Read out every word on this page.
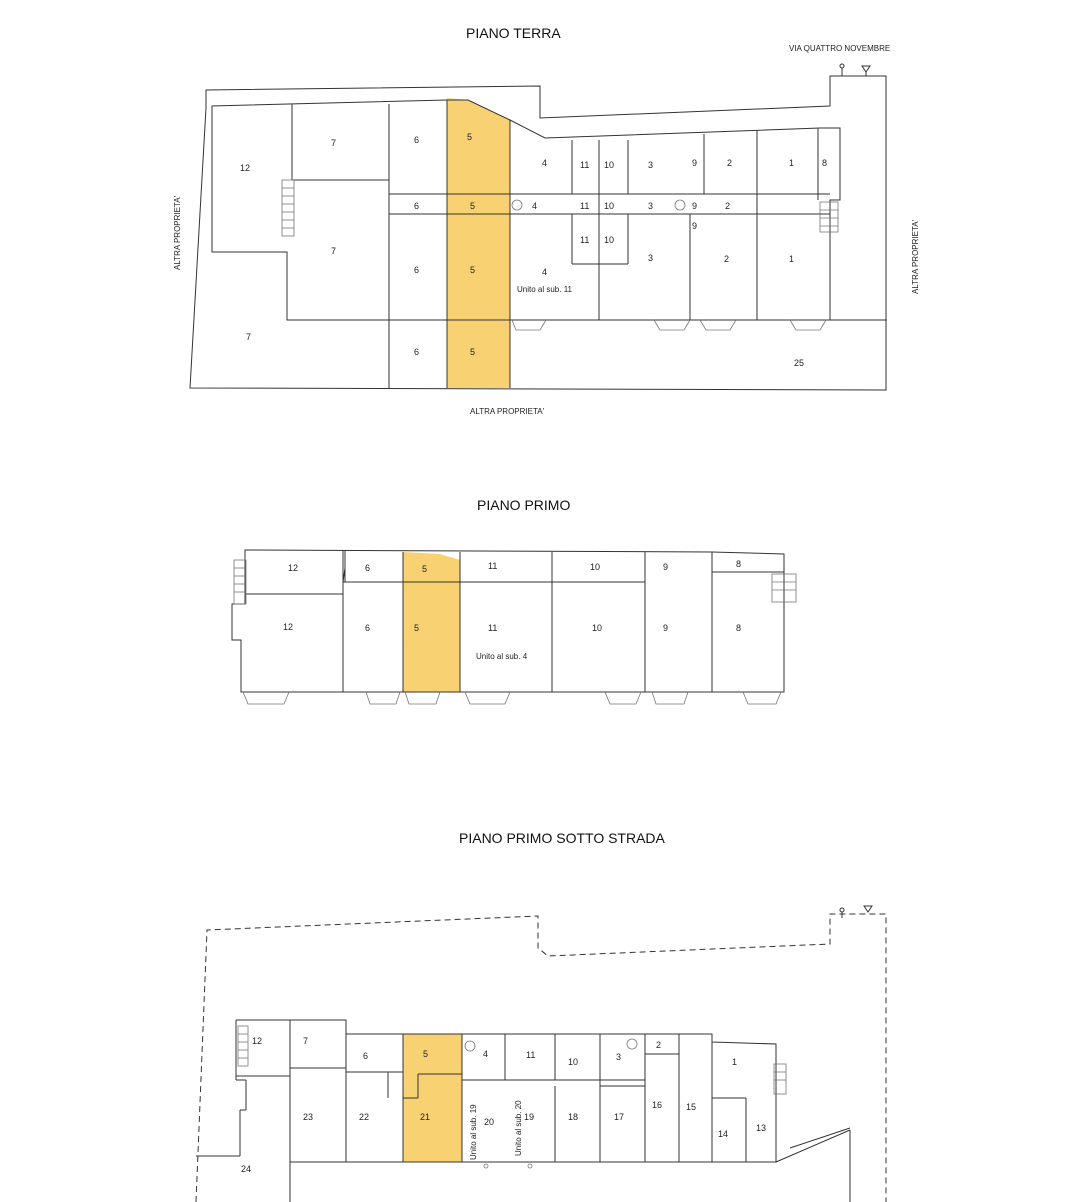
PIANO TERRA
VIA QUATTRO NOVEMBRE
ALTRA PROPRIETA'	ALTRA PROPRIETA'
ALTRA PROPRIETA'
Unito al sub. 11
12
7	6	5
4	11 10	3	9	2	1	8
6	5	4	11 10	3	9	2
7
6	5	4
11 10
3
9
2	1
7
6	5
25
PIANO PRIMO
Unito al sub. 4
12	6	5	11	10	9	8
12	6	5	11	10	9	8
PIANO PRIMO SOTTO STRADA
Unito al sub. 19	Unito al sub. 20
12	7
6	5	4	11
10	3
2
1
23	22	21	20	19	18	17
16	15
14
13
24
